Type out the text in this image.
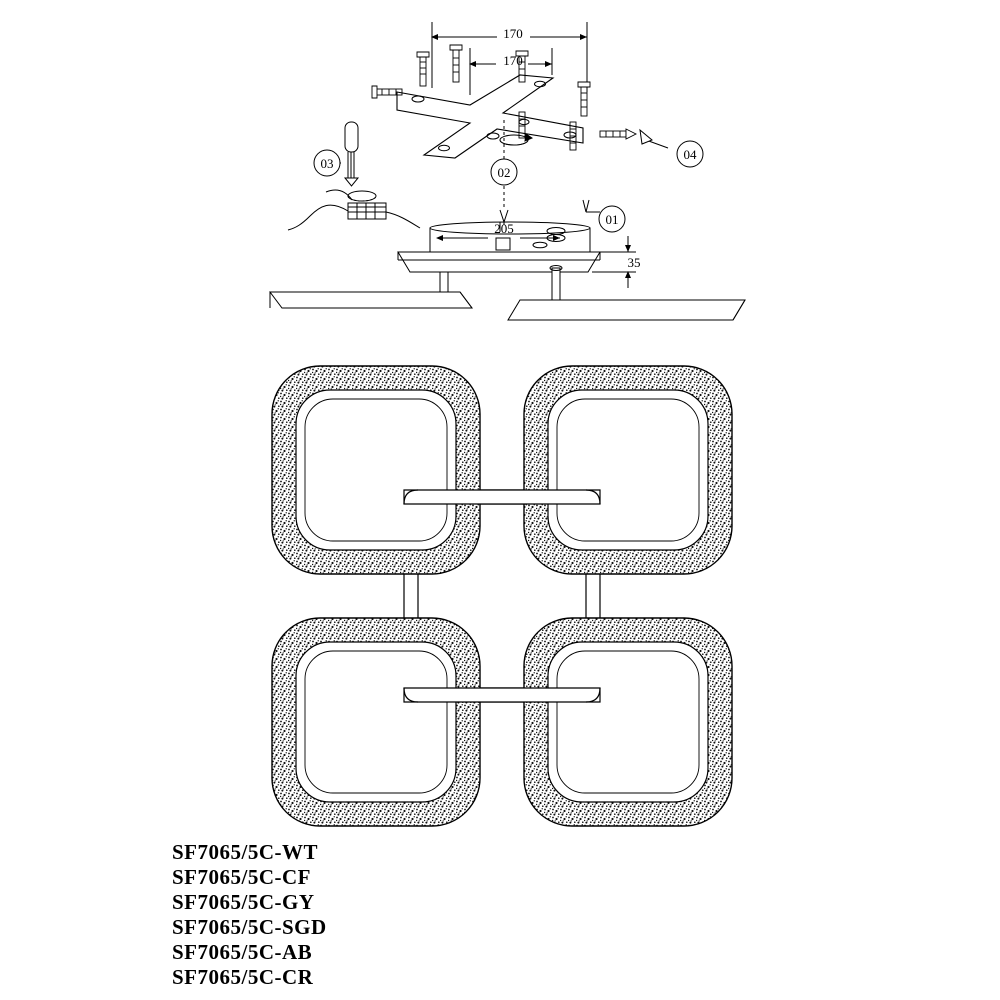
01
02
03
04
170
170
205
35
SF7065/5C-WT
SF7065/5C-CF
SF7065/5C-GY
SF7065/5C-SGD
SF7065/5C-AB
SF7065/5C-CR
